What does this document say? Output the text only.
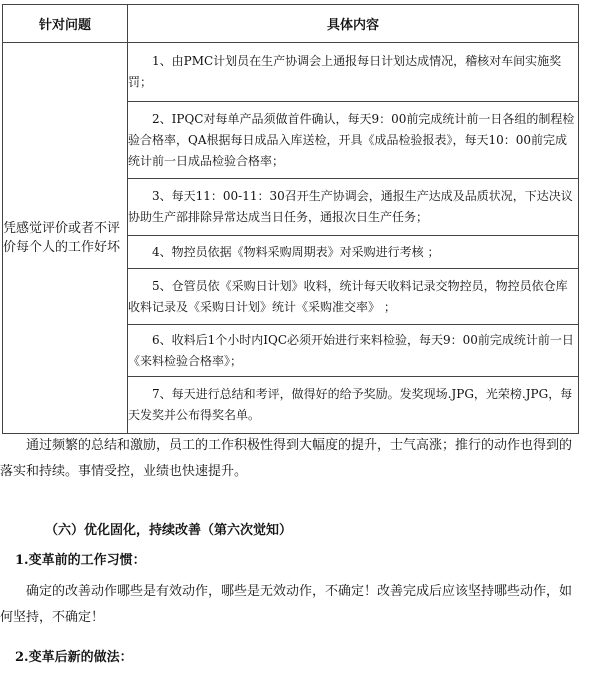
针对问题	具体内容
凭感觉评价或者不评价每个人的工作好坏	1、由PMC计划员在生产协调会上通报每日计划达成情况，稽核对车间实施奖罚；
	2、IPQC对每单产品须做首件确认，每天9：00前完成统计前一日各组的制程检验合格率，QA根据每日成品入库送检，开具《成品检验报表》，每天10：00前完成统计前一日成品检验合格率；
	3、每天11：00-11：30召开生产协调会，通报生产达成及品质状况，下达决议协助生产部排除异常达成当日任务，通报次日生产任务；
	4、物控员依据《物料采购周期表》对采购进行考核 ；
	5、仓管员依《采购日计划》收料，统计每天收料记录交物控员，物控员依仓库收料记录及《采购日计划》统计《采购准交率》 ；
	6、收料后1个小时内IQC必须开始进行来料检验，每天9：00前完成统计前一日《来料检验合格率》；
	7、每天进行总结和考评，做得好的给予奖励。发奖现场.JPG，光荣榜.JPG，每天发奖并公布得奖名单。

通过频繁的总结和激励，员工的工作积极性得到大幅度的提升，士气高涨；推行的动作也得到的落实和持续。事情受控，业绩也快速提升。

（六）优化固化，持续改善（第六次觉知）
1.变革前的工作习惯：

确定的改善动作哪些是有效动作，哪些是无效动作，不确定！改善完成后应该坚持哪些动作，如何坚持，不确定！

2.变革后新的做法：
